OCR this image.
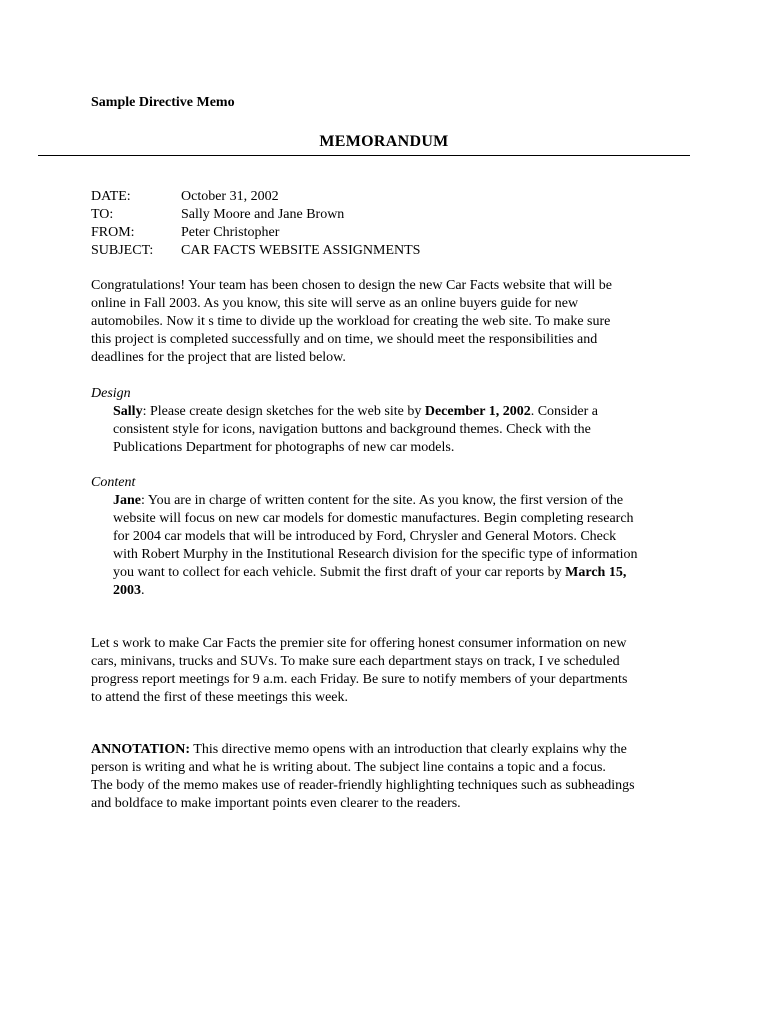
Sample Directive Memo
MEMORANDUM
DATE:	October 31, 2002
TO:	Sally Moore and Jane Brown
FROM:	Peter Christopher
SUBJECT:	CAR FACTS WEBSITE ASSIGNMENTS
Congratulations! Your team has been chosen to design the new Car Facts website that will be
online in Fall 2003. As you know, this site will serve as an online buyers guide for new
automobiles. Now it s time to divide up the workload for creating the web site. To make sure
this project is completed successfully and on time, we should meet the responsibilities and
deadlines for the project that are listed below.
Design
Sally: Please create design sketches for the web site by December 1, 2002. Consider a
consistent style for icons, navigation buttons and background themes. Check with the
Publications Department for photographs of new car models.
Content
Jane: You are in charge of written content for the site. As you know, the first version of the
website will focus on new car models for domestic manufactures. Begin completing research
for 2004 car models that will be introduced by Ford, Chrysler and General Motors. Check
with Robert Murphy in the Institutional Research division for the specific type of information
you want to collect for each vehicle. Submit the first draft of your car reports by March 15,
2003.
Let s work to make Car Facts the premier site for offering honest consumer information on new
cars, minivans, trucks and SUVs. To make sure each department stays on track, I ve scheduled
progress report meetings for 9 a.m. each Friday. Be sure to notify members of your departments
to attend the first of these meetings this week.
ANNOTATION: This directive memo opens with an introduction that clearly explains why the
person is writing and what he is writing about. The subject line contains a topic and a focus.
The body of the memo makes use of reader-friendly highlighting techniques such as subheadings
and boldface to make important points even clearer to the readers.
